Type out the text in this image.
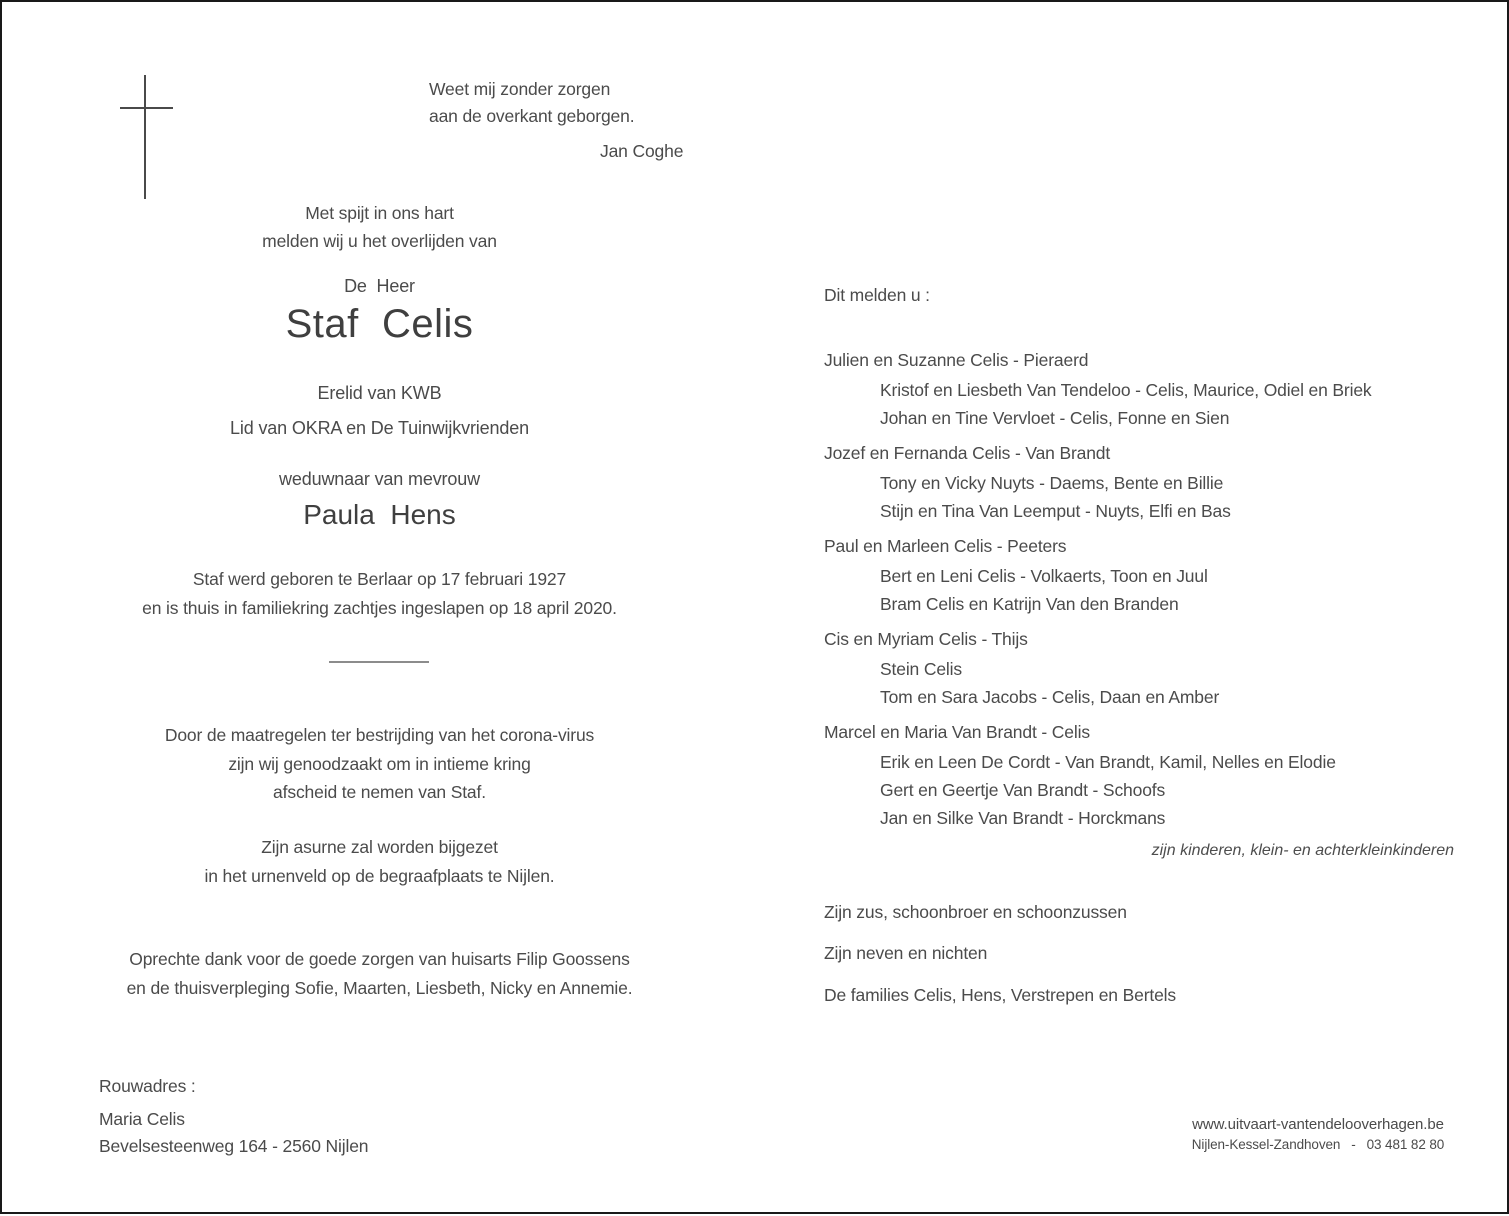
Weet mij zonder zorgen
aan de overkant geborgen.
Jan Coghe
Met spijt in ons hart
melden wij u het overlijden van
De  Heer
Staf  Celis
Erelid van KWB
Lid van OKRA en De Tuinwijkvrienden
weduwnaar van mevrouw
Paula  Hens
Staf werd geboren te Berlaar op 17 februari 1927
en is thuis in familiekring zachtjes ingeslapen op 18 april 2020.
Door de maatregelen ter bestrijding van het corona-virus
zijn wij genoodzaakt om in intieme kring
afscheid te nemen van Staf.
Zijn asurne zal worden bijgezet
in het urnenveld op de begraafplaats te Nijlen.
Oprechte dank voor de goede zorgen van huisarts Filip Goossens
en de thuisverpleging Sofie, Maarten, Liesbeth, Nicky en Annemie.
Rouwadres :
Maria Celis
Bevelsesteenweg 164 - 2560 Nijlen
Dit melden u :
Julien en Suzanne Celis - Pieraerd
Kristof en Liesbeth Van Tendeloo - Celis, Maurice, Odiel en Briek
Johan en Tine Vervloet - Celis, Fonne en Sien
Jozef en Fernanda Celis - Van Brandt
Tony en Vicky Nuyts - Daems, Bente en Billie
Stijn en Tina Van Leemput - Nuyts, Elfi en Bas
Paul en Marleen Celis - Peeters
Bert en Leni Celis - Volkaerts, Toon en Juul
Bram Celis en Katrijn Van den Branden
Cis en Myriam Celis - Thijs
Stein Celis
Tom en Sara Jacobs - Celis, Daan en Amber
Marcel en Maria Van Brandt - Celis
Erik en Leen De Cordt - Van Brandt, Kamil, Nelles en Elodie
Gert en Geertje Van Brandt - Schoofs
Jan en Silke Van Brandt - Horckmans
zijn kinderen, klein- en achterkleinkinderen
Zijn zus, schoonbroer en schoonzussen
Zijn neven en nichten
De families Celis, Hens, Verstrepen en Bertels
www.uitvaart-vantendelooverhagen.be
Nijlen-Kessel-Zandhoven   -   03 481 82 80
